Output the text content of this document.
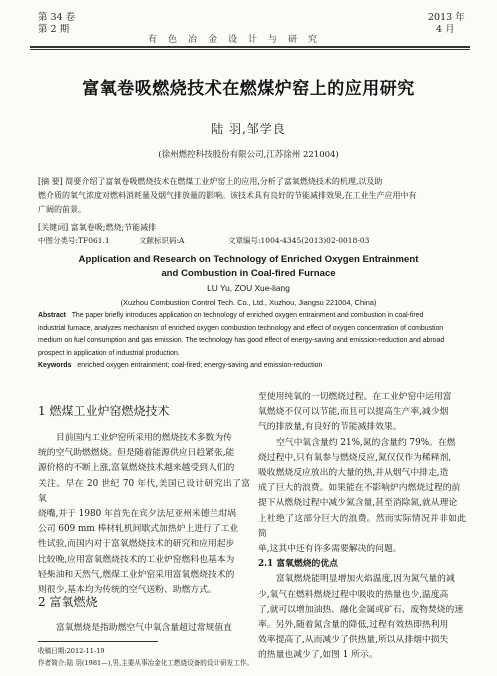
第 34 卷
第 2 期
有色冶金设计与研究
2013 年
4 月
富氧卷吸燃烧技术在燃煤炉窑上的应用研究
陆 羽,邹学良
(徐州燃控科技股份有限公司,江苏徐州 221004)
[摘 要] 简要介绍了富氧卷吸燃烧技术在燃煤工业炉窑上的应用,分析了富氧燃烧技术的机理,以及助
燃介质的氧气浓度对燃料消耗量及烟气排放量的影响。该技术具有良好的节能减排效果,在工业生产应用中有
广阔的前景。
[关键词] 富氧卷吸;燃烧;节能减排
中图分类号:TF061.1	文献标识码:A	文章编号:1004-4345(2013)02-0018-03
Application and Research on Technology of Enriched Oxygen Entrainment
and Combustion in Coal-fired Furnace
LU Yu, ZOU Xue-liang
(Xuzhou Combustion Control Tech. Co., Ltd., Xuzhou, Jiangsu 221004, China)

Abstract The paper briefly introduces application on technology of enriched oxygen entrainment and combustion in coal-fired

industrial furnace, analyzes mechanism of enriched oxygen combustion technology and effect of oxygen concentration of combustion

medium on fuel consumption and gas emission. The technology has good effect of energy-saving and emission-reduction and abroad

prospect in application of industrial production.

Keywords enriched oxygen entrainment; coal-fired; energy-saving and emission-reduction
1 燃煤工业炉窑燃烧技术
目前国内工业炉窑所采用的燃烧技术多数为传
统的空气助燃燃烧。但是随着能源供应日趋紧张,能
源价格的不断上涨,富氧燃烧技术越来越受到人们的
关注。早在 20 世纪 70 年代,美国已设计研究出了富氧
烧嘴,并于 1980 年首先在宾夕法尼亚州米德兰坩埚
公司 609 mm 棒材轧机间歇式加热炉上进行了工业
性试验,而国内对于富氧燃烧技术的研究和应用起步
比较晚,应用富氧燃烧技术的工业炉窑燃料也基本为
轻柴油和天然气,燃煤工业炉窑采用富氧燃烧技术的
则很少,基本均为传统的空气送粉、助燃方式。
2 富氧燃烧
富氧燃烧是指助燃空气中氧含量超过常规值直
收稿日期:2012-11-19
作者简介:陆 羽(1981—),男,主要从事冶金化工燃烧设备的设计研发工作。
至使用纯氧的一切燃烧过程。在工业炉窑中运用富
氧燃烧不仅可以节能,而且可以提高生产率,减少烟
气的排放量,有良好的节能减排效果。
空气中氧含量约 21%,氮的含量约 79%。在燃
烧过程中,只有氧参与燃烧反应,氮仅仅作为稀释剂,
吸收燃烧反应放出的大量的热,并从烟气中排走,造
成了巨大的浪费。如果能在不影响炉内燃烧过程的前
提下从燃烧过程中减少氮含量,甚至消除氮,就从理论
上杜绝了这部分巨大的浪费。然而实际情况并非如此简
单,这其中还有许多需要解决的问题。
2.1 富氧燃烧的优点
富氧燃烧能明显增加火焰温度,因为氮气量的减
少,氧气在燃料燃烧过程中吸收的热量也少,温度高
了,就可以增加油热、融化金属或矿石、废物焚烧的速
率。另外,随着氮含量的降低,过程有效热即热利用
效率提高了,从而减少了供热量,所以从排烟中损失
的热量也减少了,如图 1 所示。
